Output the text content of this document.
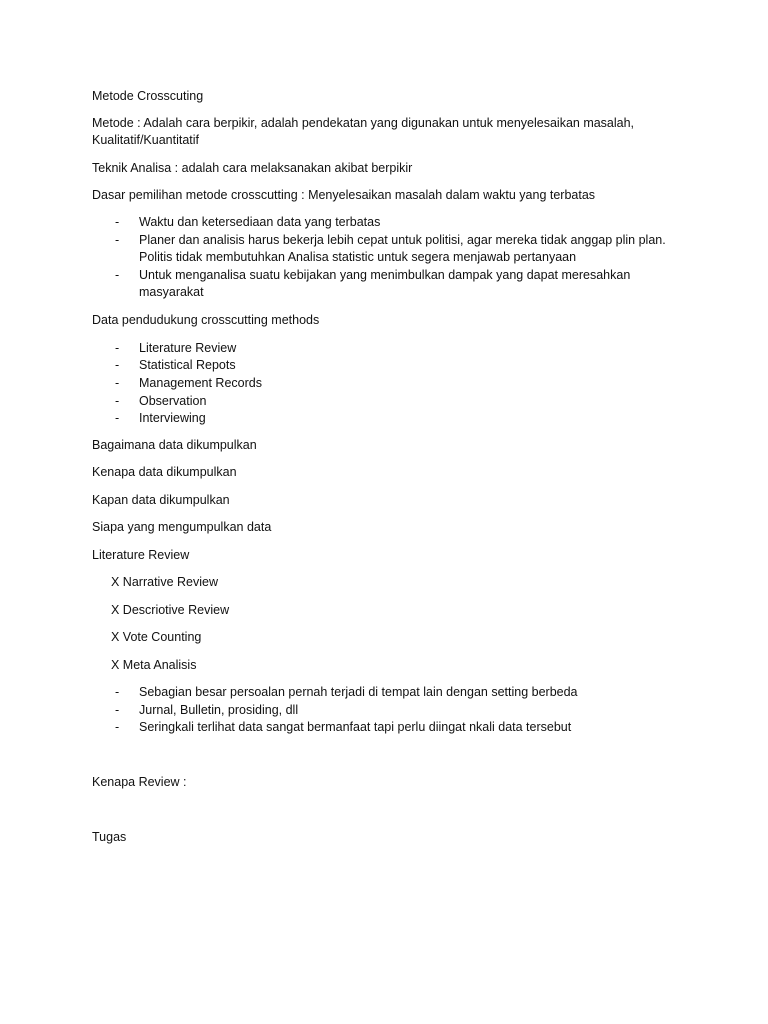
Metode Crosscuting
Metode : Adalah cara berpikir, adalah pendekatan yang digunakan untuk menyelesaikan masalah, Kualitatif/Kuantitatif
Teknik Analisa : adalah cara melaksanakan akibat berpikir
Dasar pemilihan metode crosscutting : Menyelesaikan masalah dalam waktu yang terbatas
- Waktu dan ketersediaan data yang terbatas
- Planer dan analisis harus bekerja lebih cepat untuk politisi, agar mereka tidak anggap plin plan. Politis tidak membutuhkan Analisa statistic untuk segera menjawab pertanyaan
- Untuk menganalisa suatu kebijakan yang menimbulkan dampak yang dapat meresahkan masyarakat
Data pendudukung crosscutting methods
- Literature Review
- Statistical Repots
- Management Records
- Observation
- Interviewing
Bagaimana data dikumpulkan
Kenapa data dikumpulkan
Kapan data dikumpulkan
Siapa yang mengumpulkan data
Literature Review
X Narrative Review
X Descriotive Review
X Vote Counting
X Meta Analisis
- Sebagian besar persoalan pernah terjadi di tempat lain dengan setting berbeda
- Jurnal, Bulletin, prosiding, dll
- Seringkali terlihat data sangat bermanfaat tapi perlu diingat nkali data tersebut
Kenapa Review :
Tugas
